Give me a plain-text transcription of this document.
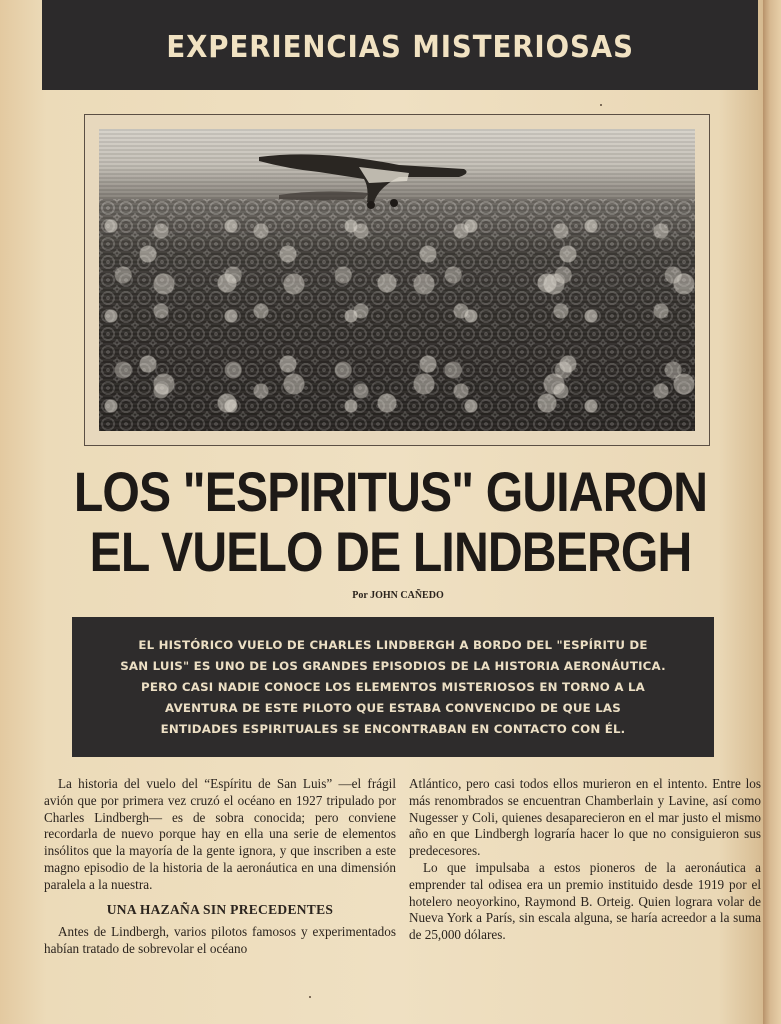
EXPERIENCIAS MISTERIOSAS
LOS "ESPIRITUS" GUIARON
EL VUELO DE LINDBERGH
Por JOHN CAÑEDO
EL HISTÓRICO VUELO DE CHARLES LINDBERGH A BORDO DEL "ESPÍRITU DE
SAN LUIS" ES UNO DE LOS GRANDES EPISODIOS DE LA HISTORIA AERONÁUTICA.
PERO CASI NADIE CONOCE LOS ELEMENTOS MISTERIOSOS EN TORNO A LA
AVENTURA DE ESTE PILOTO QUE ESTABA CONVENCIDO DE QUE LAS
ENTIDADES ESPIRITUALES SE ENCONTRABAN EN CONTACTO CON ÉL.

La historia del vuelo del “Espíritu de San Luis” —el frágil avión que por primera vez cruzó el océano en 1927 tripulado por Charles Lindbergh— es de sobra conocida; pero conviene recordarla de nuevo porque hay en ella una serie de elementos insólitos que la mayoría de la gente ignora, y que inscriben a este magno episodio de la historia de la aeronáutica en una dimensión paralela a la nuestra.

UNA HAZAÑA SIN PRECEDENTES

Antes de Lindbergh, varios pilotos famosos y experimentados habían tratado de sobrevolar el océano

Atlántico, pero casi todos ellos murieron en el intento. Entre los más renombrados se encuentran Chamberlain y Lavine, así como Nugesser y Coli, quienes desaparecieron en el mar justo el mismo año en que Lindbergh lograría hacer lo que no consiguieron sus predecesores.

Lo que impulsaba a estos pioneros de la aeronáutica a emprender tal odisea era un premio instituido desde 1919 por el hotelero neoyorkino, Raymond B. Orteig. Quien lograra volar de Nueva York a París, sin escala alguna, se haría acreedor a la suma de 25,000 dólares.
